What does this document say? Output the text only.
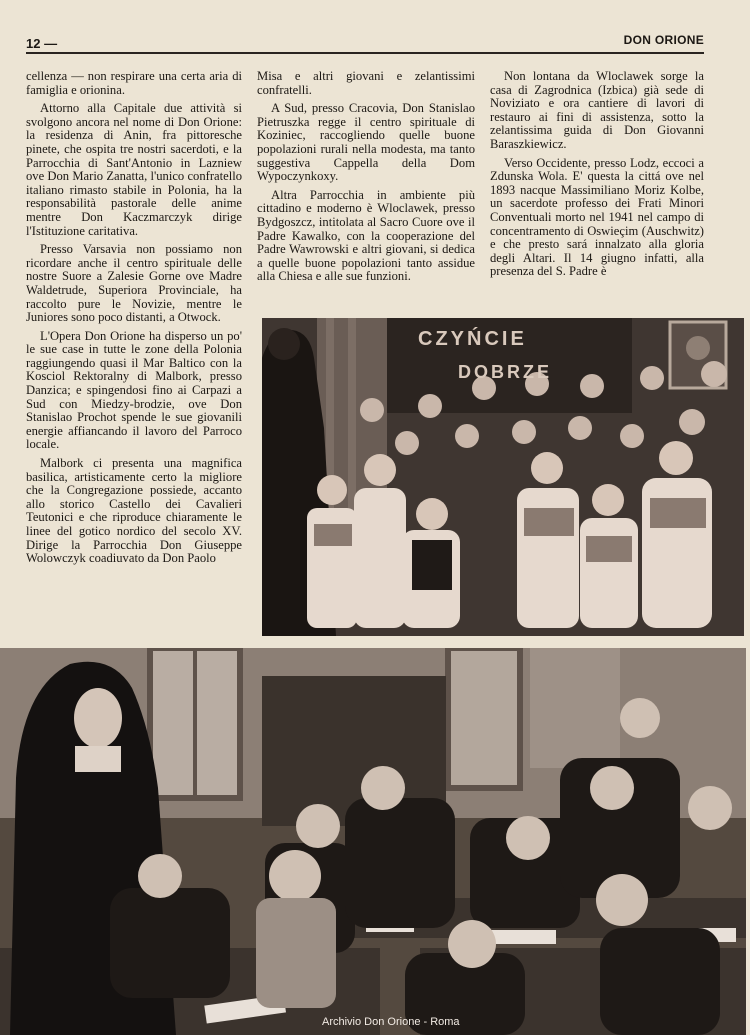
12 —	DON ORIONE

cellenza — non respirare una certa aria di famiglia e orionina.

Attorno alla Capitale due attività si svolgono ancora nel nome di Don Orione: la residenza di Anin, fra pittoresche pinete, che ospita tre nostri sacerdoti, e la Parrocchia di Sant'Antonio in Lazniew ove Don Mario Zanatta, l'unico confratello italiano rimasto stabile in Polonia, ha la responsabilità pastorale delle anime mentre Don Kaczmarczyk dirige l'Istituzione caritativa.

Presso Varsavia non possiamo non ricordare anche il centro spirituale delle nostre Suore a Zalesie Gorne ove Madre Waldetrude, Superiora Provinciale, ha raccolto pure le Novizie, mentre le Juniores sono poco distanti, a Otwock.

L'Opera Don Orione ha disperso un po' le sue case in tutte le zone della Polonia raggiungendo quasi il Mar Baltico con la Kosciol Rektoralny di Malbork, presso Danzica; e spingendosi fino ai Carpazi a Sud con Miedzy-brodzie, ove Don Stanislao Prochot spende le sue giovanili energie affiancando il lavoro del Parroco locale.

Malbork ci presenta una magnifica basilica, artisticamente certo la migliore che la Congregazione possiede, accanto allo storico Castello dei Cavalieri Teutonici e che riproduce chiaramente le linee del gotico nordico del secolo XV. Dirige la Parrocchia Don Giuseppe Wolowczyk coadiuvato da Don Paolo

Misa e altri giovani e zelantissimi confratelli.

A Sud, presso Cracovia, Don Stanislao Pietruszka regge il centro spirituale di Koziniec, raccogliendo quelle buone popolazioni rurali nella modesta, ma tanto suggestiva Cappella della Dom Wypoczynkoxy.

Altra Parrocchia in ambiente più cittadino e moderno è Wloclawek, presso Bydgoszcz, intitolata al Sacro Cuore ove il Padre Kawalko, con la cooperazione del Padre Wawrowski e altri giovani, si dedica a quelle buone popolazioni tanto assidue alla Chiesa e alle sue funzioni.

Non lontana da Wloclawek sorge la casa di Zagrodnica (Izbica) già sede di Noviziato e ora cantiere di lavori di restauro ai fini di assistenza, sotto la zelantissima guida di Don Giovanni Baraszkiewicz.

Verso Occidente, presso Lodz, eccoci a Zdunska Wola. E' questa la cittá ove nel 1893 nacque Massimiliano Moriz Kolbe, un sacerdote professo dei Frati Minori Conventuali morto nel 1941 nel campo di concentramento di Oswieçim (Auschwitz) e che presto sará innalzato alla gloria degli Altari. Il 14 giugno infatti, alla presenza del S. Padre è

CZYŃCIE
DOBRZE
Archivio Don Orione - Roma
